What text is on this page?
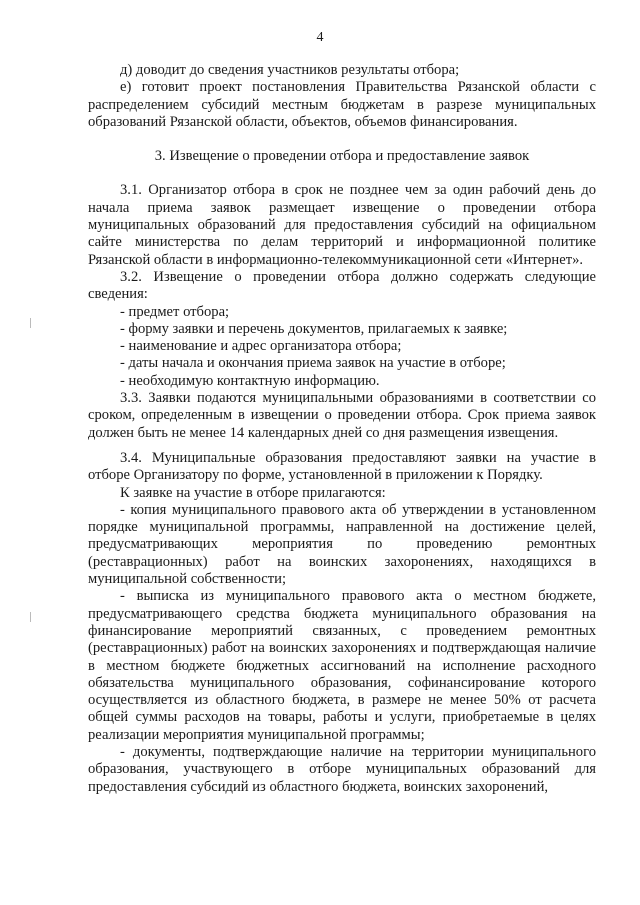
4

д) доводит до сведения участников результаты отбора;

е) готовит проект постановления Правительства Рязанской области с распределением субсидий местным бюджетам в разрезе муниципальных образований Рязанской области, объектов, объемов финансирования.

3. Извещение о проведении отбора и предоставление заявок

3.1. Организатор отбора в срок не позднее чем за один рабочий день до начала приема заявок размещает извещение о проведении отбора муниципальных образований для предоставления субсидий на официальном сайте министерства по делам территорий и информационной политике Рязанской области в информационно-телекоммуникационной сети «Интернет».

3.2. Извещение о проведении отбора должно содержать следующие сведения:

- предмет отбора;

- форму заявки и перечень документов, прилагаемых к заявке;

- наименование и адрес организатора отбора;

- даты начала и окончания приема заявок на участие в отборе;

- необходимую контактную информацию.

3.3. Заявки подаются муниципальными образованиями в соответствии со сроком, определенным в извещении о проведении отбора. Срок приема заявок должен быть не менее 14 календарных дней со дня размещения извещения.

3.4. Муниципальные образования предоставляют заявки на участие в отборе Организатору по форме, установленной в приложении к Порядку.

К заявке на участие в отборе прилагаются:

- копия муниципального правового акта об утверждении в установленном порядке муниципальной программы, направленной на достижение целей, предусматривающих мероприятия по проведению ремонтных (реставрационных) работ на воинских захоронениях, находящихся в муниципальной собственности;

- выписка из муниципального правового акта о местном бюджете, предусматривающего средства бюджета муниципального образования на финансирование мероприятий связанных, с проведением ремонтных (реставрационных) работ на воинских захоронениях и подтверждающая наличие в местном бюджете бюджетных ассигнований на исполнение расходного обязательства муниципального образования, софинансирование которого осуществляется из областного бюджета, в размере не менее 50% от расчета общей суммы расходов на товары, работы и услуги, приобретаемые в целях реализации мероприятия муниципальной программы;

- документы, подтверждающие наличие на территории муниципального образования, участвующего в отборе муниципальных образований для предоставления субсидий из областного бюджета, воинских захоронений,
